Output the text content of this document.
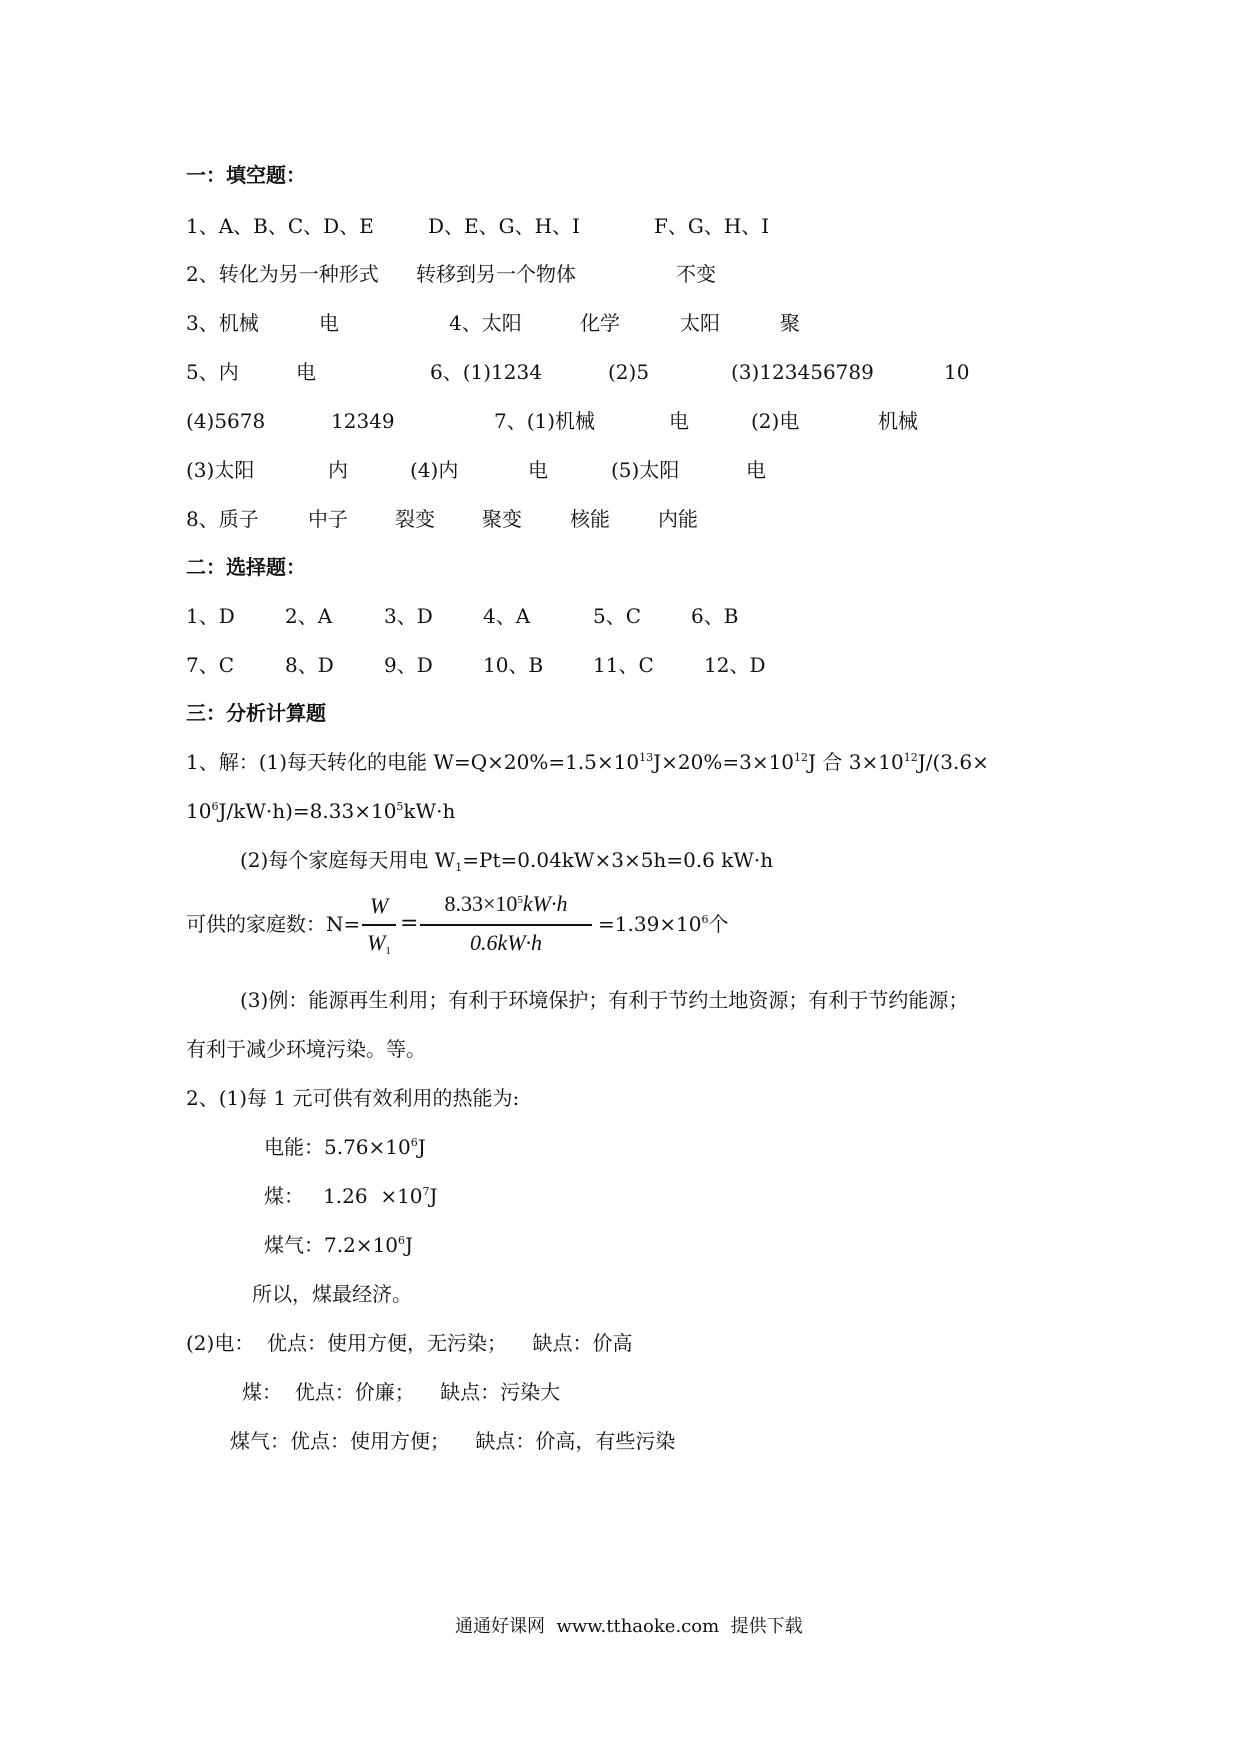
一：填空题：
1、A、B、C、D、E	D、E、G、H、I	F、G、H、I
2、转化为另一种形式 转移到另一个物体	不变
3、机械	电	4、太阳	化学	太阳	聚
5、内	电	6、(1)1234	(2)5	(3)123456789	10
(4)5678	12349	7、(1)机械	电	(2)电	机械
(3)太阳	内	(4)内	电	(5)太阳	电
8、质子 中子 裂变 聚变 核能 内能
二：选择题：
1、D	2、A	3、D	4、A	5、C 6、B
7、C	8、D	9、D	10、B 11、C	12、D
三：分析计算题
1、解：(1)每天转化的电能 $W=Q\times 20\%=1.5\times 10^{13}J\times 20\%=3\times 10^{12}J$ 合 $3\times 10^{12}J/(3.6\times$
$10^6J/kW\cdot h)=8.33\times 10^5kW\cdot h$
(2)每个家庭每天用电 $W_1=Pt=0.04kW\times 3\times 5h=0.6$ kW·h
可供的家庭数：N=
W
$W_1$
=
$8.33\times 10^5kW\cdot h$
0.6kW·h
$=1.39\times 10^6$个
(3)例：能源再生利用；有利于环境保护；有利于节约土地资源；有利于节约能源；
有利于减少环境污染。等。
2、(1)每 1 元可供有效利用的热能为:
电能：$5.76\times 10^6J$
煤：   $1.26 \times 10^7J$
煤气：$7.2\times 10^6J$
所以，煤最经济。
(2)电：  优点：使用方便，无污染；    缺点：价高
煤：  优点：价廉；    缺点：污染大
煤气：优点：使用方便；    缺点：价高，有些污染
通通好课网  www.tthaoke.com  提供下载
